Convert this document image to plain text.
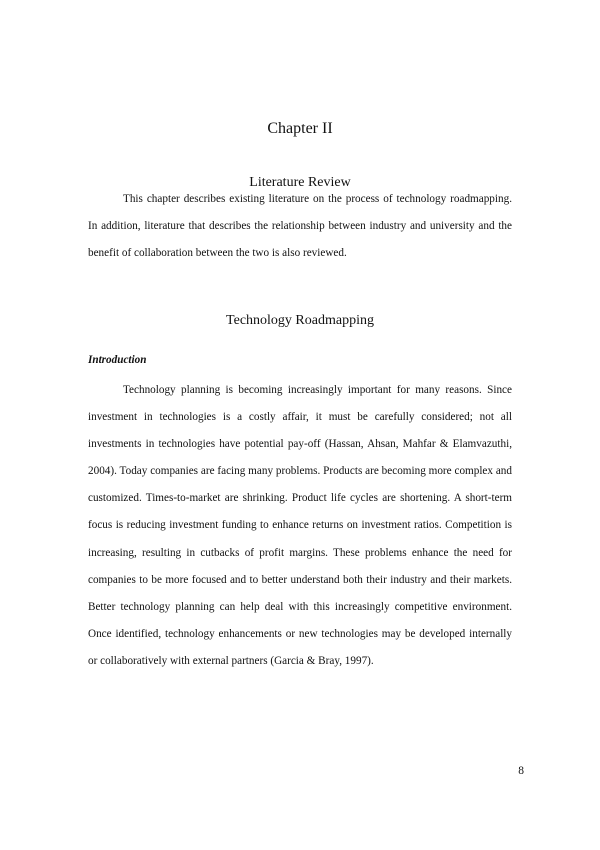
Chapter II
Literature Review

This chapter describes existing literature on the process of technology roadmapping. In addition, literature that describes the relationship between industry and university and the benefit of collaboration between the two is also reviewed.

Technology Roadmapping
Introduction

Technology planning is becoming increasingly important for many reasons. Since investment in technologies is a costly affair, it must be carefully considered; not all investments in technologies have potential pay-off (Hassan, Ahsan, Mahfar & Elamvazuthi, 2004). Today companies are facing many problems. Products are becoming more complex and customized. Times-to-market are shrinking. Product life cycles are shortening. A short-term focus is reducing investment funding to enhance returns on investment ratios. Competition is increasing, resulting in cutbacks of profit margins. These problems enhance the need for companies to be more focused and to better understand both their industry and their markets. Better technology planning can help deal with this increasingly competitive environment. Once identified, technology enhancements or new technologies may be developed internally or collaboratively with external partners (Garcia & Bray, 1997).

8
